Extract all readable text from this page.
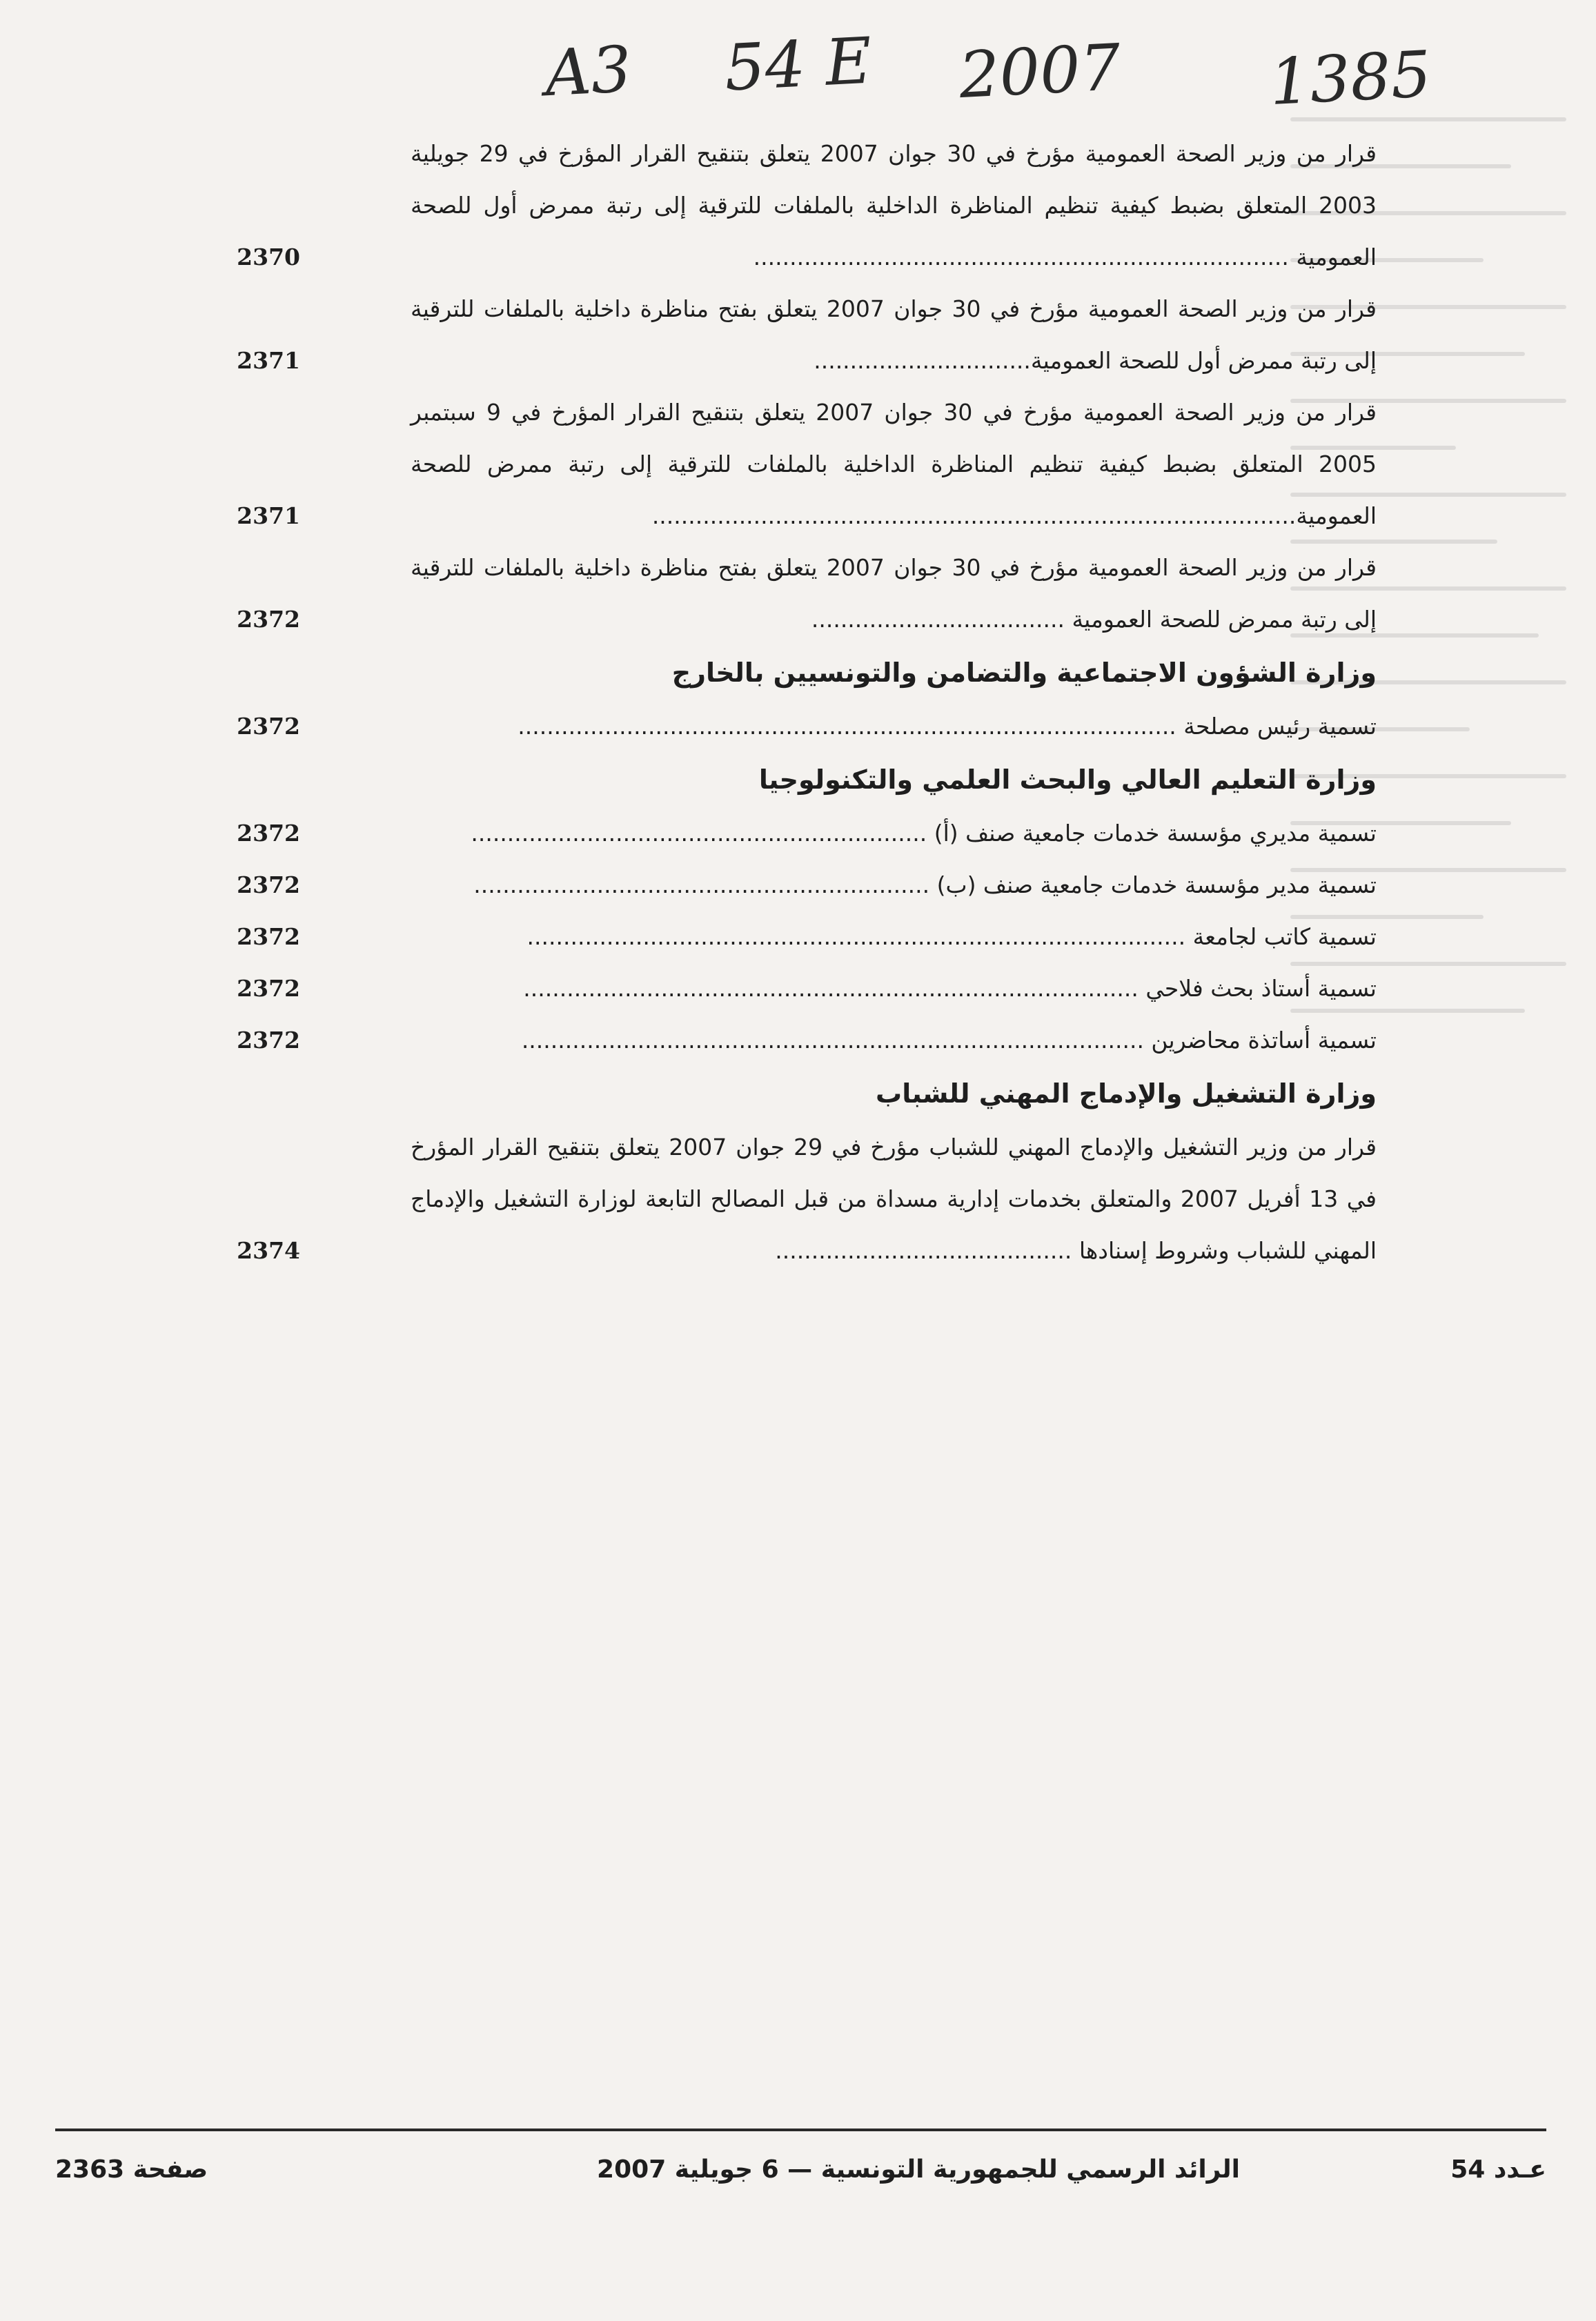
A3 54 E 2007 1385

قرار من وزير الصحة العمومية مؤرخ في 30 جوان 2007 يتعلق بتنقيح القرار المؤرخ في 29 جويلية 2003 المتعلق بضبط كيفية تنظيم المناظرة الداخلية بالملفات للترقية إلى رتبة ممرض أول للصحة العمومية ..........................................................................

2370

قرار من وزير الصحة العمومية مؤرخ في 30 جوان 2007 يتعلق بفتح مناظرة داخلية بالملفات للترقية إلى رتبة ممرض أول للصحة العمومية..............................

2371

قرار من وزير الصحة العمومية مؤرخ في 30 جوان 2007 يتعلق بتنقيح القرار المؤرخ في 9 سبتمبر 2005 المتعلق بضبط كيفية تنظيم المناظرة الداخلية بالملفات للترقية إلى رتبة ممرض للصحة العمومية.........................................................................................

2371

قرار من وزير الصحة العمومية مؤرخ في 30 جوان 2007 يتعلق بفتح مناظرة داخلية بالملفات للترقية إلى رتبة ممرض للصحة العمومية ...................................

2372
وزارة الشؤون الاجتماعية والتضامن والتونسيين بالخارج

تسمية رئيس مصلحة ...........................................................................................

2372
وزارة التعليم العالي والبحث العلمي والتكنولوجيا

تسمية مديري مؤسسة خدمات جامعية صنف (أ) ...............................................................

2372

تسمية مدير مؤسسة خدمات جامعية صنف (ب) ...............................................................

2372

تسمية كاتب لجامعة ...........................................................................................

2372

تسمية أستاذ بحث فلاحي .....................................................................................

2372

تسمية أساتذة محاضرين ......................................................................................

2372
وزارة التشغيل والإدماج المهني للشباب

قرار من وزير التشغيل والإدماج المهني للشباب مؤرخ في 29 جوان 2007 يتعلق بتنقيح القرار المؤرخ في 13 أفريل 2007 والمتعلق بخدمات إدارية مسداة من قبل المصالح التابعة لوزارة التشغيل والإدماج المهني للشباب وشروط إسنادها .........................................

2374
عـدد 54
الرائد الرسمي للجمهورية التونسية — 6 جويلية 2007
صفحة 2363
